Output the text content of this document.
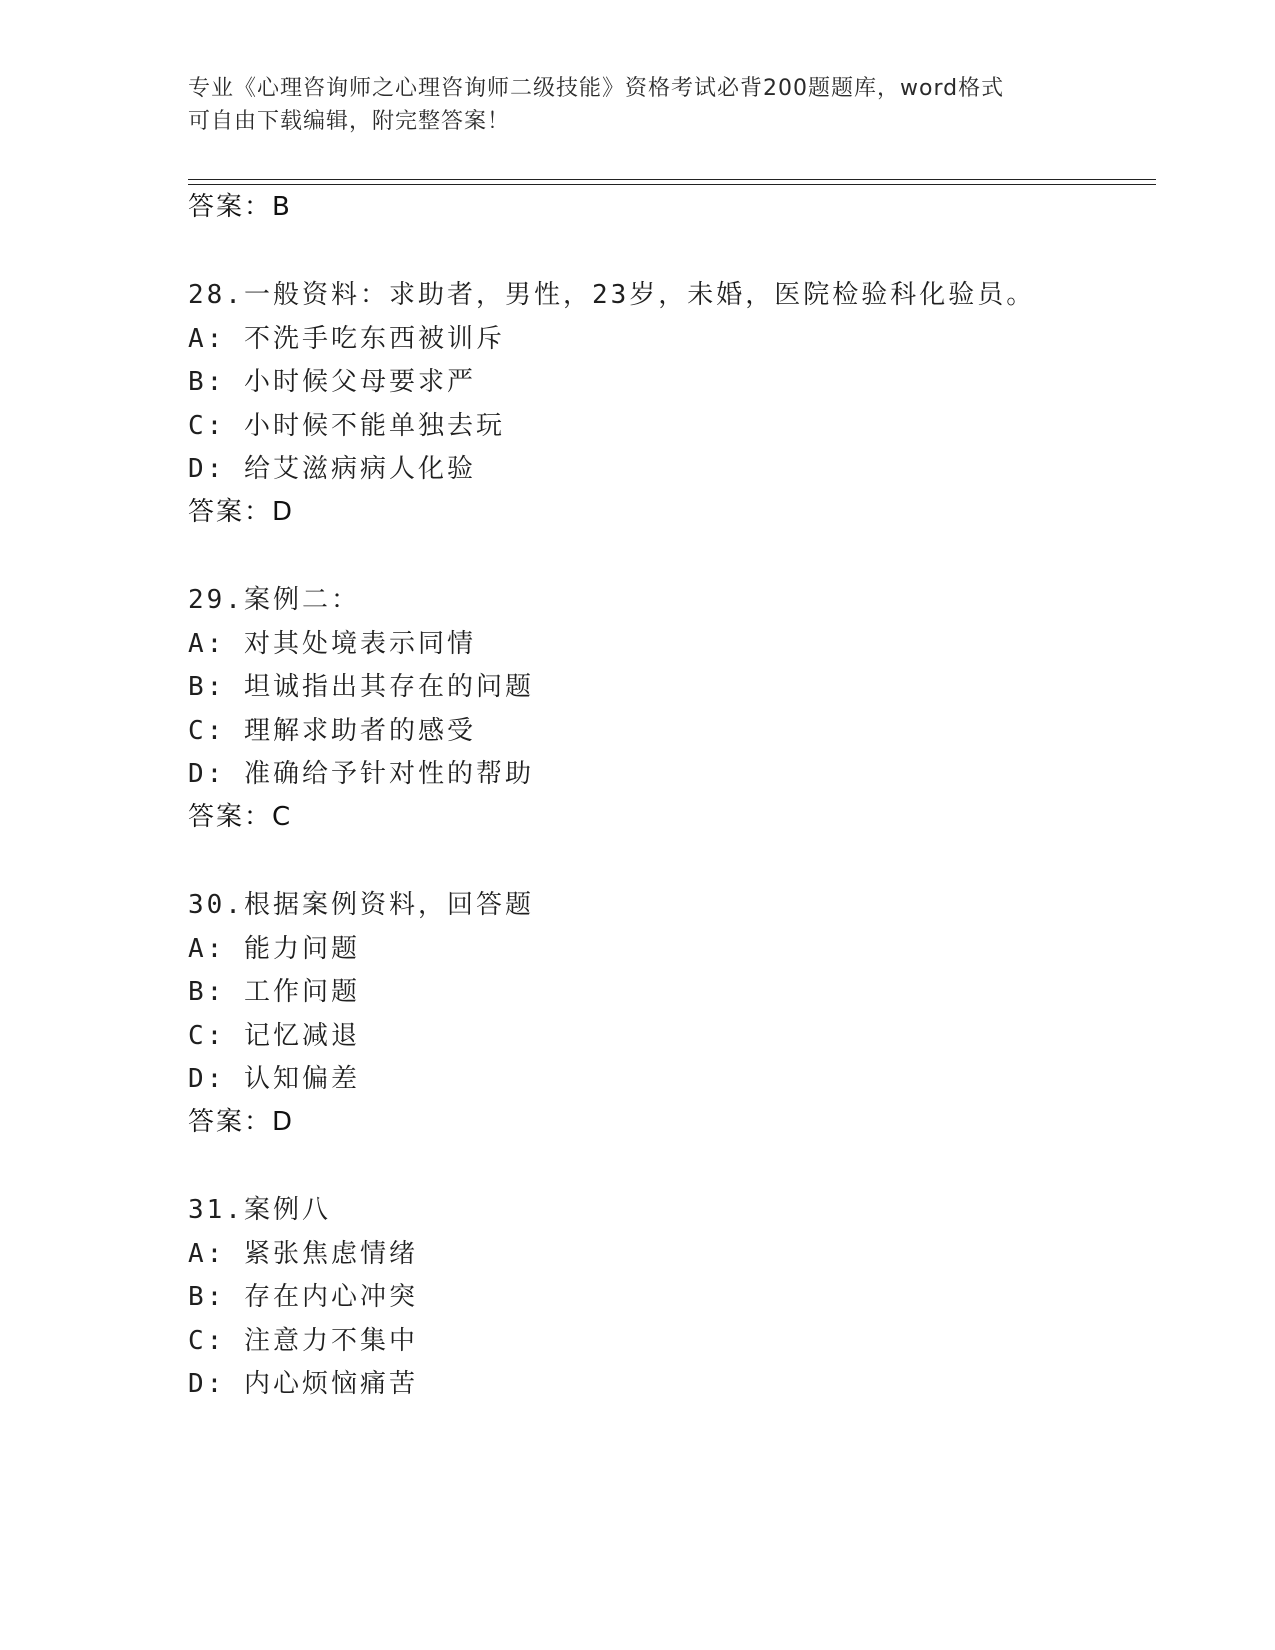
专业《心理咨询师之心理咨询师二级技能》资格考试必背200题题库，word格式
可自由下载编辑，附完整答案！
答案：B
28.一般资料：求助者，男性，23岁，未婚，医院检验科化验员。
A: 不洗手吃东西被训斥
B: 小时候父母要求严
C: 小时候不能单独去玩
D: 给艾滋病病人化验
答案：D
29.案例二：
A: 对其处境表示同情
B: 坦诚指出其存在的问题
C: 理解求助者的感受
D: 准确给予针对性的帮助
答案：C
30.根据案例资料，回答题
A: 能力问题
B: 工作问题
C: 记忆减退
D: 认知偏差
答案：D
31.案例八
A: 紧张焦虑情绪
B: 存在内心冲突
C: 注意力不集中
D: 内心烦恼痛苦
